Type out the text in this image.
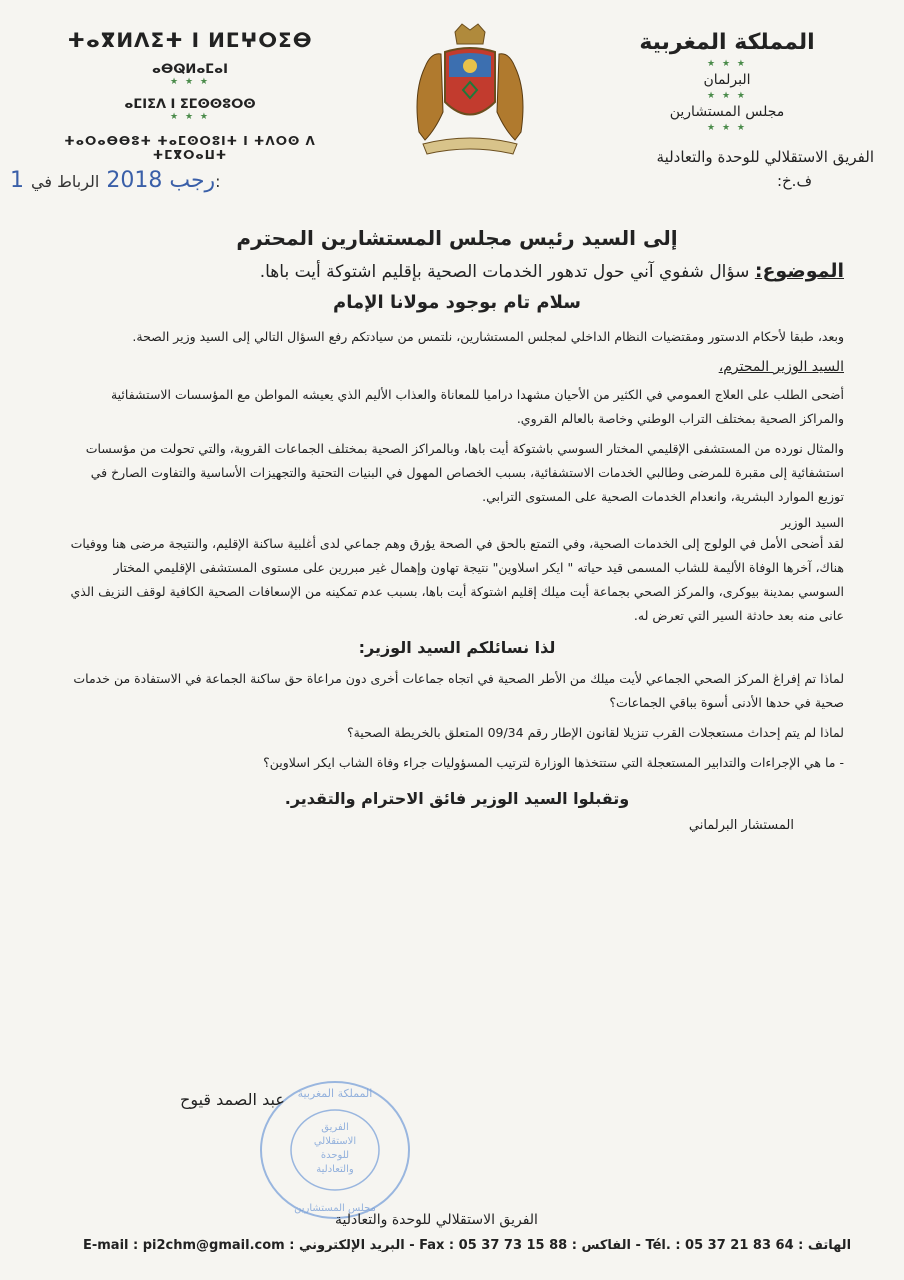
المملكة المغربية
★ ★ ★
البرلمان
★ ★ ★
مجلس المستشارين
★ ★ ★
الفريق الاستقلالي للوحدة والتعادلية
ف.خ:
ⵜⴰⴳⵍⴷⵉⵜ ⵏ ⵍⵎⵖⵔⵉⴱ
ⴰⴱⵕⵍⴰⵎⴰⵏ
★ ★ ★
ⴰⵎⵏⵉⴷ ⵏ ⵉⵎⵙⵙⵓⵔⵙ
★ ★ ★
ⵜⴰⵔⴰⴱⴱⵓⵜ ⵜⴰⵎⵙⵔⵓⵏⵜ ⵏ ⵜⴷⵔⵙ ⴷ ⵜⵎⴳⵔⴰⵡⵜ
1 رجب 2018 الرباط في:
إلى السيد رئيس مجلس المستشارين المحترم
الموضوع: سؤال شفوي آني حول تدهور الخدمات الصحية بإقليم اشتوكة أيت باها.
سلام تام بوجود مولانا الإمام

وبعد، طبقا لأحكام الدستور ومقتضيات النظام الداخلي لمجلس المستشارين، نلتمس من سيادتكم رفع السؤال التالي إلى السيد وزير الصحة.

السيد الوزير المحترم،

أضحى الطلب على العلاج العمومي في الكثير من الأحيان مشهدا دراميا للمعاناة والعذاب الأليم الذي يعيشه المواطن مع المؤسسات الاستشفائية والمراكز الصحية بمختلف التراب الوطني وخاصة بالعالم القروي.

والمثال نورده من المستشفى الإقليمي المختار السوسي باشتوكة أيت باها، وبالمراكز الصحية بمختلف الجماعات القروية، والتي تحولت من مؤسسات استشفائية إلى مقبرة للمرضى وطالبي الخدمات الاستشفائية، بسبب الخصاص المهول في البنيات التحتية والتجهيزات الأساسية والتفاوت الصارخ في توزيع الموارد البشرية، وانعدام الخدمات الصحية على المستوى الترابي.

السيد الوزير

لقد أضحى الأمل في الولوج إلى الخدمات الصحية، وفي التمتع بالحق في الصحة يؤرق وهم جماعي لدى أغلبية ساكنة الإقليم، والنتيجة مرضى هنا ووفيات هناك، آخرها الوفاة الأليمة للشاب المسمى قيد حياته " ايكر اسلاوين" نتيجة تهاون وإهمال غير مبررين على مستوى المستشفى الإقليمي المختار السوسي بمدينة بيوكرى، والمركز الصحي بجماعة أيت ميلك إقليم اشتوكة أيت باها، بسبب عدم تمكينه من الإسعافات الصحية الكافية لوقف النزيف الذي عانى منه بعد حادثة السير التي تعرض له.

لذا نسائلكم السيد الوزير:

لماذا تم إفراغ المركز الصحي الجماعي لأيت ميلك من الأطر الصحية في اتجاه جماعات أخرى دون مراعاة حق ساكنة الجماعة في الاستفادة من خدمات صحية في حدها الأدنى أسوة بباقي الجماعات؟

لماذا لم يتم إحداث مستعجلات القرب تنزيلا لقانون الإطار رقم 09/34 المتعلق بالخريطة الصحية؟

- ما هي الإجراءات والتدابير المستعجلة التي ستتخذها الوزارة لترتيب المسؤوليات جراء وفاة الشاب ايكر اسلاوين؟

وتقبلوا السيد الوزير فائق الاحترام والتقدير.
المستشار البرلماني
المملكة المغربية
الفريق
الاستقلالي
للوحدة
والتعادلية
مجلس المستشارين
عبد الصمد قيوح
الفريق الاستقلالي للوحدة والتعادلية
E-mail : pi2chm@gmail.com : البريد الإلكتروني - Fax : 05 37 73 15 88 : الفاكس - Tél. : 05 37 21 83 64 : الهاتف
